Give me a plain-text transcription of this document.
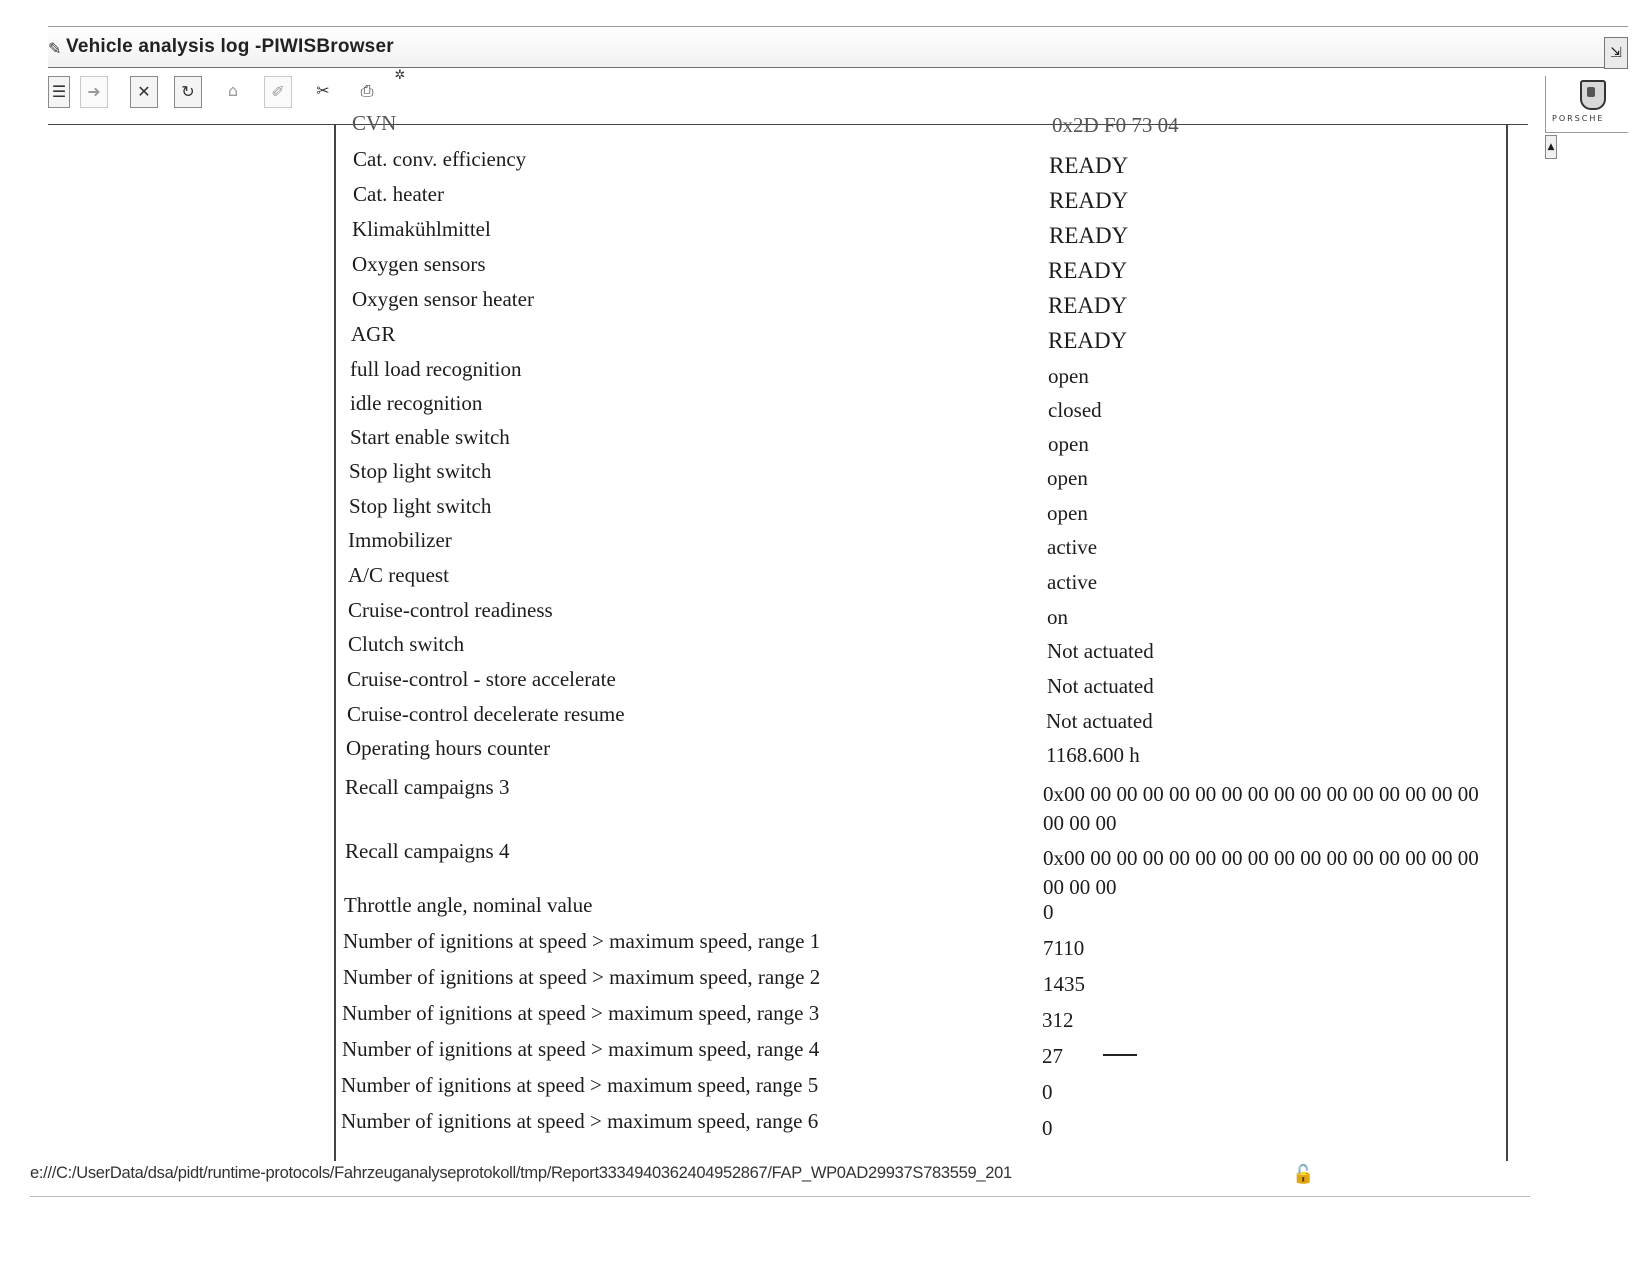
✎ Vehicle analysis log -PIWISBrowser	⇲
☰	➜	✕	↻	⌂	✐	✂	⎙
✲
PORSCHE
CVN	0x2D F0 73 04
Cat. conv. efficiency	READY
Cat. heater	READY
Klimakühlmittel	READY
Oxygen sensors	READY
Oxygen sensor heater	READY
AGR	READY
full load recognition	open
idle recognition	closed
Start enable switch	open
Stop light switch	open
Stop light switch	open
Immobilizer	active
A/C request	active
Cruise-control readiness	on
Clutch switch	Not actuated
Cruise-control - store accelerate	Not actuated
Cruise-control decelerate resume	Not actuated
Operating hours counter	1168.600 h
Recall campaigns 3	0x00 00 00 00 00 00 00 00 00 00 00 00 00 00 00 00 00 00 00
Recall campaigns 4	0x00 00 00 00 00 00 00 00 00 00 00 00 00 00 00 00 00 00 00
Throttle angle, nominal value	0
Number of ignitions at speed > maximum speed, range 1	7110
Number of ignitions at speed > maximum speed, range 2	1435
Number of ignitions at speed > maximum speed, range 3	312
Number of ignitions at speed > maximum speed, range 4	27
Number of ignitions at speed > maximum speed, range 5	0
Number of ignitions at speed > maximum speed, range 6	0
▲
e:///C:/UserData/dsa/pidt/runtime-protocols/Fahrzeuganalyseprotokoll/tmp/Report3334940362404952867/FAP_WP0AD29937S783559_201	🔓
